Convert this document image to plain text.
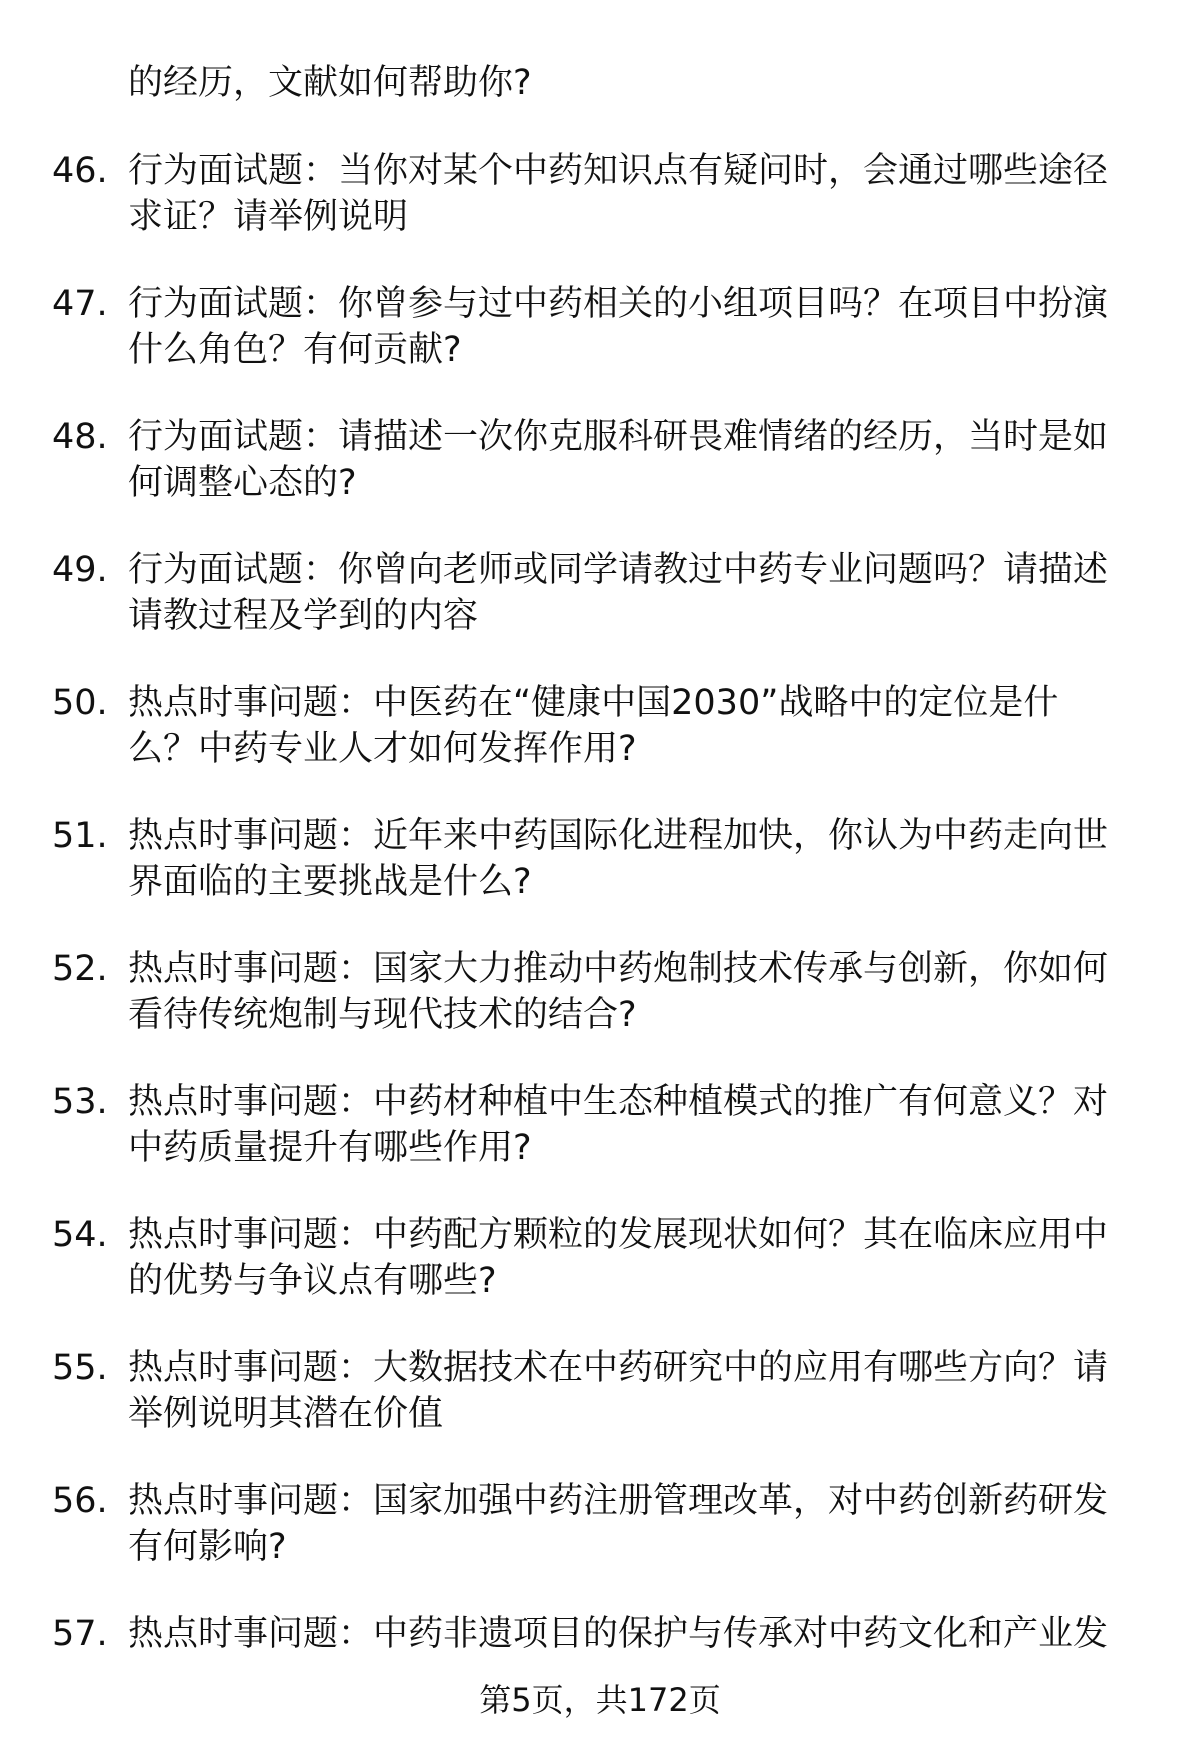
的经历，文献如何帮助你?
46. 行为面试题：当你对某个中药知识点有疑问时，会通过哪些途径
求证？请举例说明

47. 行为面试题：你曾参与过中药相关的小组项目吗？在项目中扮演
什么角色？有何贡献?

48. 行为面试题：请描述一次你克服科研畏难情绪的经历，当时是如
何调整心态的?

49. 行为面试题：你曾向老师或同学请教过中药专业问题吗？请描述
请教过程及学到的内容

50. 热点时事问题：中医药在“健康中国2030”战略中的定位是什
么？中药专业人才如何发挥作用?

51. 热点时事问题：近年来中药国际化进程加快，你认为中药走向世
界面临的主要挑战是什么?

52. 热点时事问题：国家大力推动中药炮制技术传承与创新，你如何
看待传统炮制与现代技术的结合?

53. 热点时事问题：中药材种植中生态种植模式的推广有何意义？对
中药质量提升有哪些作用?

54. 热点时事问题：中药配方颗粒的发展现状如何？其在临床应用中
的优势与争议点有哪些?

55. 热点时事问题：大数据技术在中药研究中的应用有哪些方向？请
举例说明其潜在价值

56. 热点时事问题：国家加强中药注册管理改革，对中药创新药研发
有何影响?

57. 热点时事问题：中药非遗项目的保护与传承对中药文化和产业发

第5页，共172页
